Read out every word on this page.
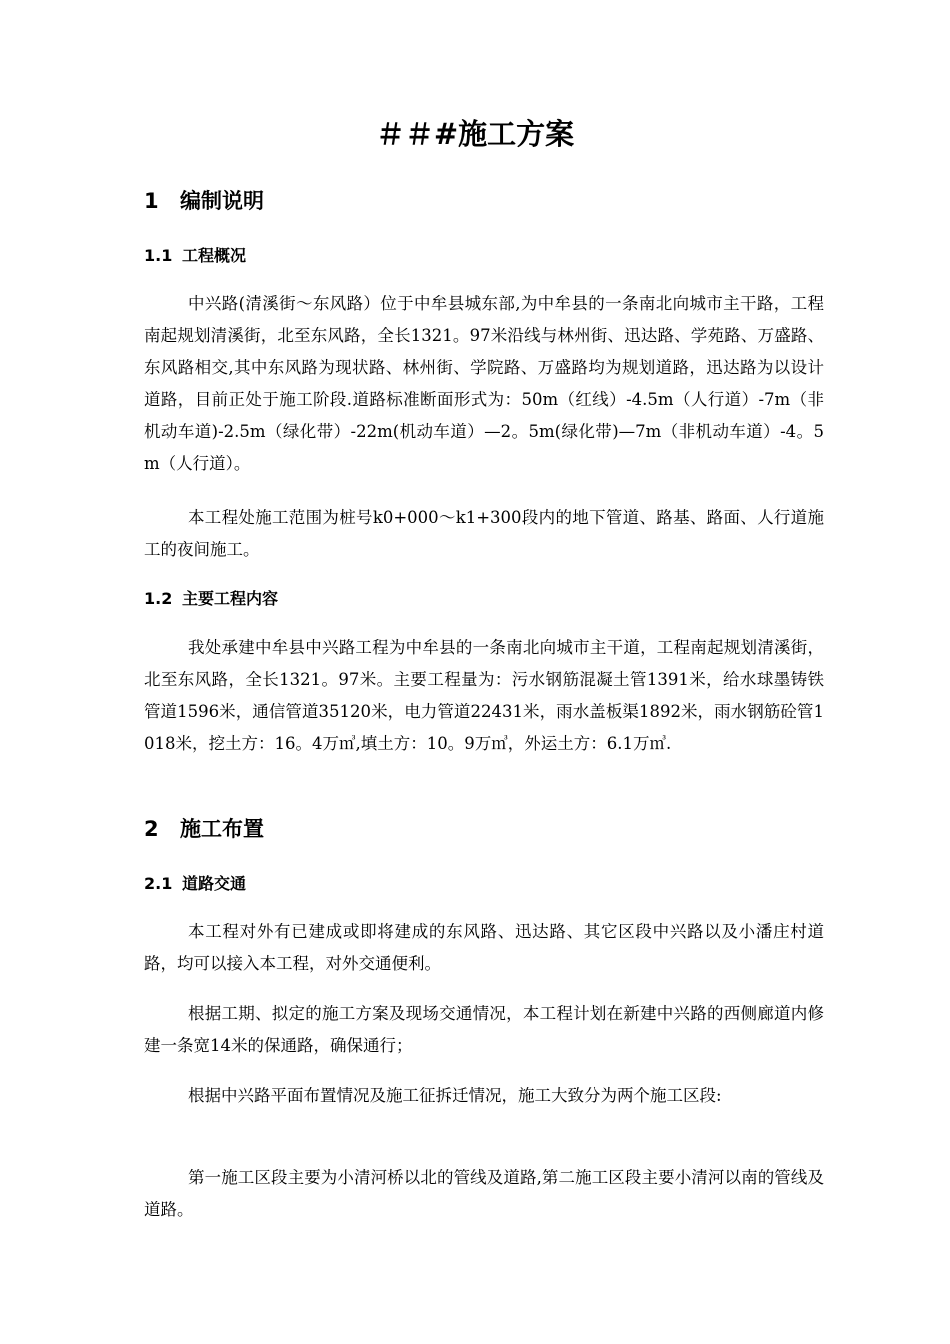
＃＃#施工方案
1 编制说明
1.1 工程概况

中兴路(清溪街～东风路）位于中牟县城东部,为中牟县的一条南北向城市主干路，工程南起规划清溪街，北至东风路，全长1321。97米沿线与林州街、迅达路、学苑路、万盛路、东风路相交,其中东风路为现状路、林州街、学院路、万盛路均为规划道路，迅达路为以设计道路，目前正处于施工阶段.道路标准断面形式为：50m（红线）-4.5m（人行道）-7m（非机动车道)-2.5m（绿化带）-22m(机动车道）—2。5m(绿化带)—7m（非机动车道）-4。5m（人行道）。

本工程处施工范围为桩号k0+000～k1+300段内的地下管道、路基、路面、人行道施工的夜间施工。

1.2 主要工程内容

我处承建中牟县中兴路工程为中牟县的一条南北向城市主干道，工程南起规划清溪街，北至东风路，全长1321。97米。主要工程量为：污水钢筋混凝土管1391米，给水球墨铸铁管道1596米，通信管道35120米，电力管道22431米，雨水盖板渠1892米，雨水钢筋砼管1018米，挖土方：16。4万㎥,填土方：10。9万㎥，外运土方：6.1万㎥.

2 施工布置
2.1 道路交通

本工程对外有已建成或即将建成的东风路、迅达路、其它区段中兴路以及小潘庄村道路，均可以接入本工程，对外交通便利。

根据工期、拟定的施工方案及现场交通情况，本工程计划在新建中兴路的西侧廊道内修建一条宽14米的保通路，确保通行；

根据中兴路平面布置情况及施工征拆迁情况，施工大致分为两个施工区段:

第一施工区段主要为小清河桥以北的管线及道路,第二施工区段主要小清河以南的管线及道路。
